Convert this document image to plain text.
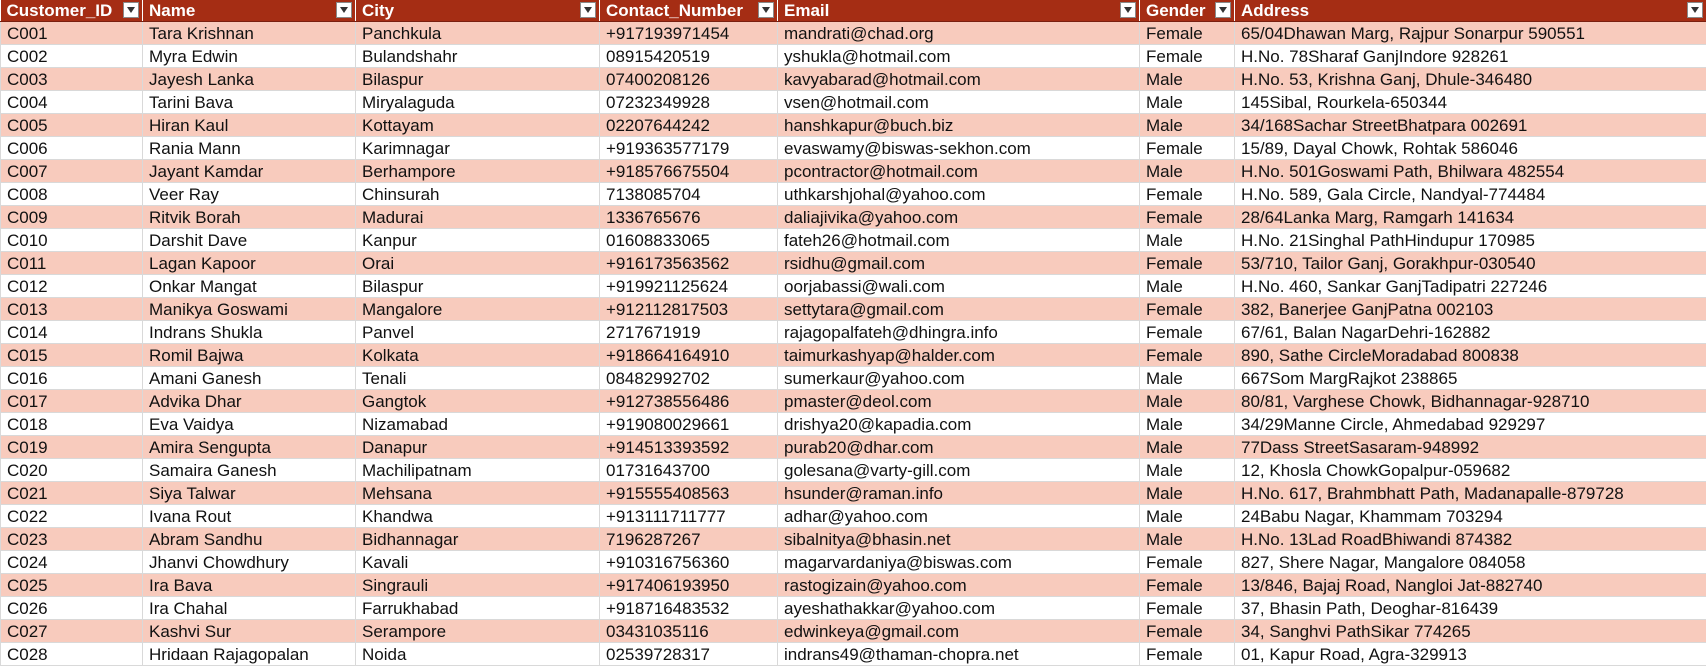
Customer_ID	Name	City	Contact_Number	Email	Gender	Address

C001	Tara Krishnan	Panchkula	+917193971454	mandrati@chad.org	Female	65/04Dhawan Marg, Rajpur Sonarpur 590551
C002	Myra Edwin	Bulandshahr	08915420519	yshukla@hotmail.com	Female	H.No. 78Sharaf GanjIndore 928261
C003	Jayesh Lanka	Bilaspur	07400208126	kavyabarad@hotmail.com	Male	H.No. 53, Krishna Ganj, Dhule-346480
C004	Tarini Bava	Miryalaguda	07232349928	vsen@hotmail.com	Male	145Sibal, Rourkela-650344
C005	Hiran Kaul	Kottayam	02207644242	hanshkapur@buch.biz	Male	34/168Sachar StreetBhatpara 002691
C006	Rania Mann	Karimnagar	+919363577179	evaswamy@biswas-sekhon.com	Female	15/89, Dayal Chowk, Rohtak 586046
C007	Jayant Kamdar	Berhampore	+918576675504	pcontractor@hotmail.com	Male	H.No. 501Goswami Path, Bhilwara 482554
C008	Veer Ray	Chinsurah	7138085704	uthkarshjohal@yahoo.com	Female	H.No. 589, Gala Circle, Nandyal-774484
C009	Ritvik Borah	Madurai	1336765676	daliajivika@yahoo.com	Female	28/64Lanka Marg, Ramgarh 141634
C010	Darshit Dave	Kanpur	01608833065	fateh26@hotmail.com	Male	H.No. 21Singhal PathHindupur 170985
C011	Lagan Kapoor	Orai	+916173563562	rsidhu@gmail.com	Female	53/710, Tailor Ganj, Gorakhpur-030540
C012	Onkar Mangat	Bilaspur	+919921125624	oorjabassi@wali.com	Male	H.No. 460, Sankar GanjTadipatri 227246
C013	Manikya Goswami	Mangalore	+912112817503	settytara@gmail.com	Female	382, Banerjee GanjPatna 002103
C014	Indrans Shukla	Panvel	2717671919	rajagopalfateh@dhingra.info	Female	67/61, Balan NagarDehri-162882
C015	Romil Bajwa	Kolkata	+918664164910	taimurkashyap@halder.com	Female	890, Sathe CircleMoradabad 800838
C016	Amani Ganesh	Tenali	08482992702	sumerkaur@yahoo.com	Male	667Som MargRajkot 238865
C017	Advika Dhar	Gangtok	+912738556486	pmaster@deol.com	Male	80/81, Varghese Chowk, Bidhannagar-928710
C018	Eva Vaidya	Nizamabad	+919080029661	drishya20@kapadia.com	Male	34/29Manne Circle, Ahmedabad 929297
C019	Amira Sengupta	Danapur	+914513393592	purab20@dhar.com	Male	77Dass StreetSasaram-948992
C020	Samaira Ganesh	Machilipatnam	01731643700	golesana@varty-gill.com	Male	12, Khosla ChowkGopalpur-059682
C021	Siya Talwar	Mehsana	+915555408563	hsunder@raman.info	Male	H.No. 617, Brahmbhatt Path, Madanapalle-879728
C022	Ivana Rout	Khandwa	+913111711777	adhar@yahoo.com	Male	24Babu Nagar, Khammam 703294
C023	Abram Sandhu	Bidhannagar	7196287267	sibalnitya@bhasin.net	Male	H.No. 13Lad RoadBhiwandi 874382
C024	Jhanvi Chowdhury	Kavali	+910316756360	magarvardaniya@biswas.com	Female	827, Shere Nagar, Mangalore 084058
C025	Ira Bava	Singrauli	+917406193950	rastogizain@yahoo.com	Female	13/846, Bajaj Road, Nangloi Jat-882740
C026	Ira Chahal	Farrukhabad	+918716483532	ayeshathakkar@yahoo.com	Female	37, Bhasin Path, Deoghar-816439
C027	Kashvi Sur	Serampore	03431035116	edwinkeya@gmail.com	Female	34, Sanghvi PathSikar 774265
C028	Hridaan Rajagopalan	Noida	02539728317	indrans49@thaman-chopra.net	Female	01, Kapur Road, Agra-329913
